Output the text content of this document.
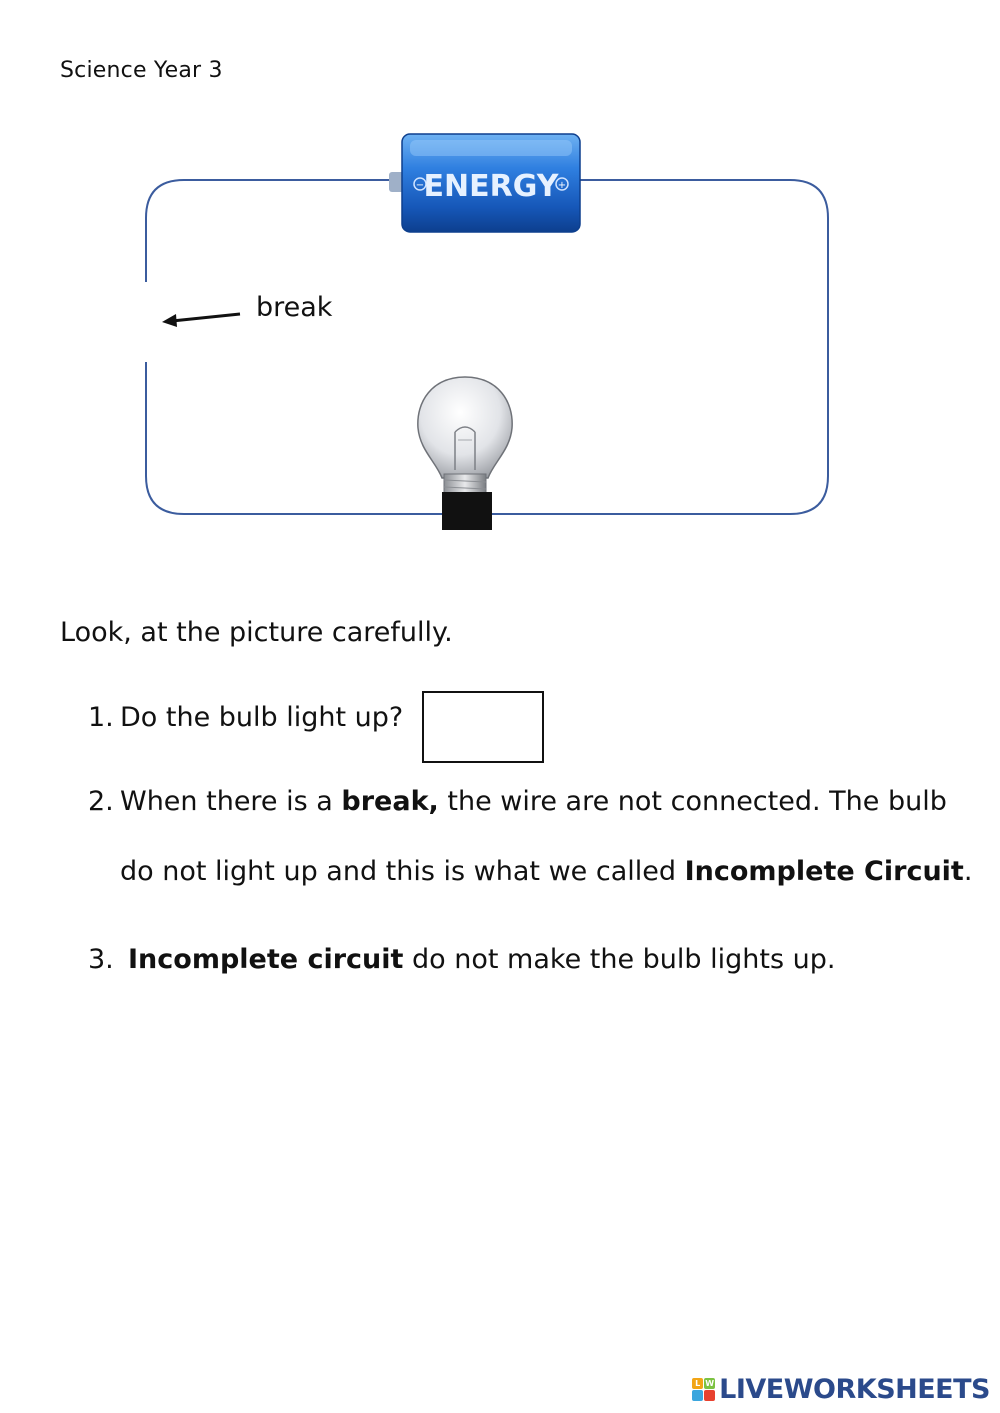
Science Year 3
−	+
ENERGY
break
Look, at the picture carefully.
1. Do the bulb light up?
2. When there is a break, the wire are not connected. The bulb
do not light up and this is what we called Incomplete Circuit.
3. Incomplete circuit do not make the bulb lights up.
L W LIVEWORKSHEETS
